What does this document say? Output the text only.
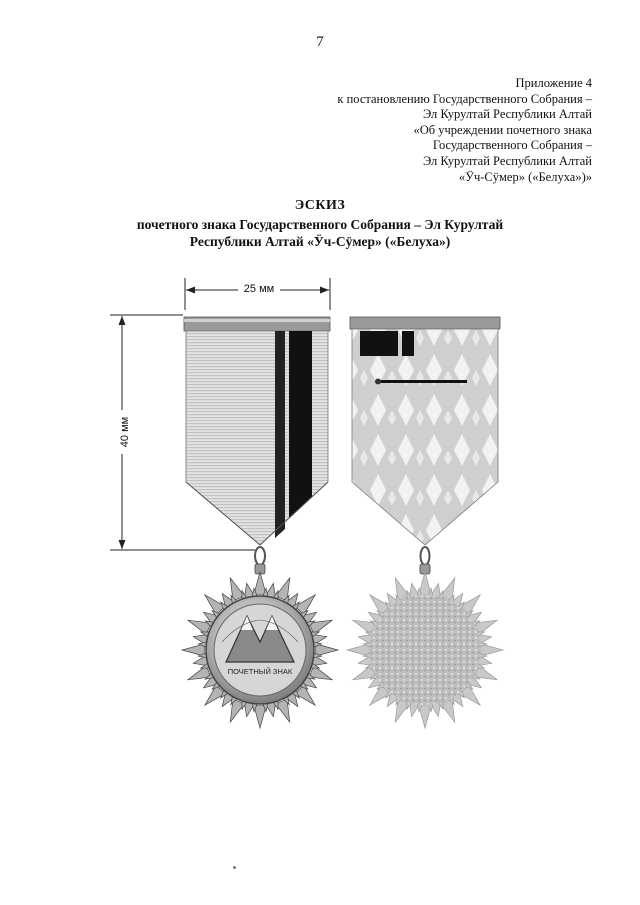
7
Приложение 4
к постановлению Государственного Собрания –
Эл Курултай Республики Алтай
«Об учреждении почетного знака
Государственного Собрания –
Эл Курултай Республики Алтай
«Ӱч-Сӱмер» («Белуха»)»
ЭСКИЗ
почетного знака Государственного Собрания – Эл Курултай
Республики Алтай «Ӱч-Сӱмер» («Белуха»)
25 мм
40 мм
ПОЧЕТНЫЙ ЗНАК
